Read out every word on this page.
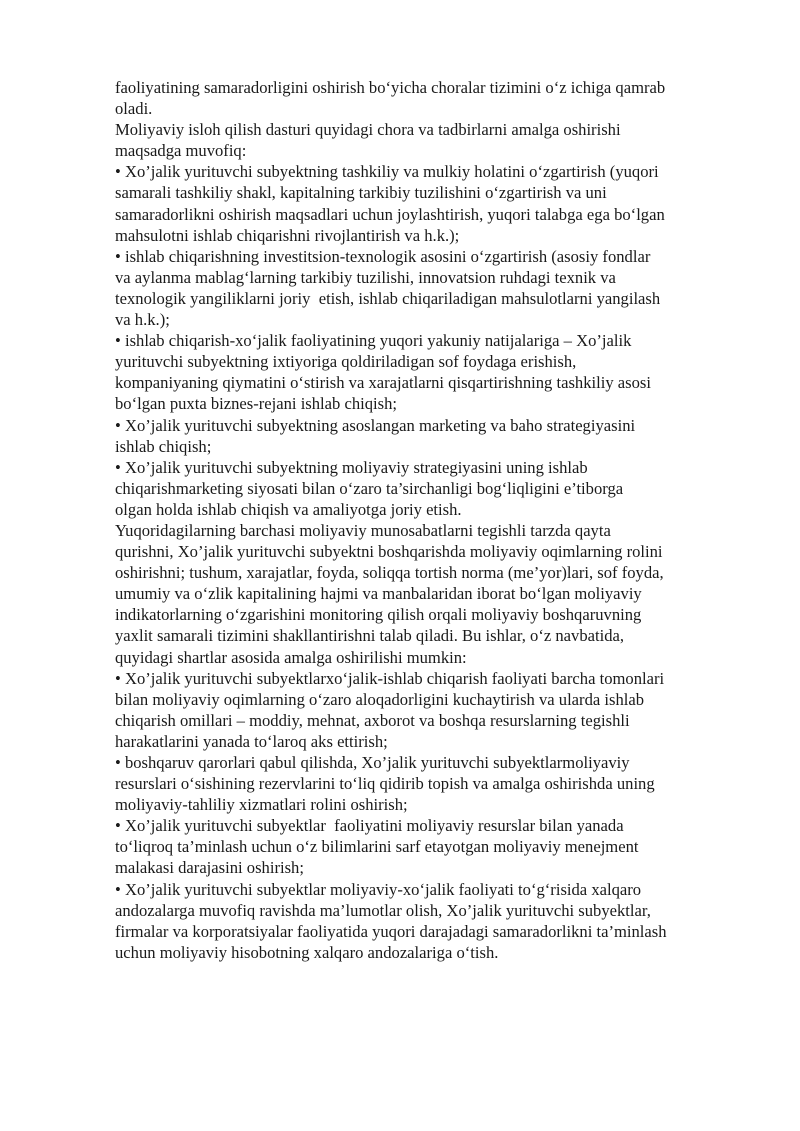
faoliyatining samaradorligini oshirish bo‘yicha choralar tizimini o‘z ichiga qamrab

oladi.

Moliyaviy isloh qilish dasturi quyidagi chora va tadbirlarni amalga oshirishi

maqsadga muvofiq:

• Xo’jalik yurituvchi subyektning tashkiliy va mulkiy holatini o‘zgartirish (yuqori

samarali tashkiliy shakl, kapitalning tarkibiy tuzilishini o‘zgartirish va uni

samaradorlikni oshirish maqsadlari uchun joylashtirish, yuqori talabga ega bo‘lgan

mahsulotni ishlab chiqarishni rivojlantirish va h.k.);

• ishlab chiqarishning investitsion-texnologik asosini o‘zgartirish (asosiy fondlar

va aylanma mablag‘larning tarkibiy tuzilishi, innovatsion ruhdagi texnik va

texnologik yangiliklarni joriy  etish, ishlab chiqariladigan mahsulotlarni yangilash

va h.k.);

• ishlab chiqarish-xo‘jalik faoliyatining yuqori yakuniy natijalariga – Xo’jalik

yurituvchi subyektning ixtiyoriga qoldiriladigan sof foydaga erishish,

kompaniyaning qiymatini o‘stirish va xarajatlarni qisqartirishning tashkiliy asosi

bo‘lgan puxta biznes-rejani ishlab chiqish;

• Xo’jalik yurituvchi subyektning asoslangan marketing va baho strategiyasini

ishlab chiqish;

• Xo’jalik yurituvchi subyektning moliyaviy strategiyasini uning ishlab

chiqarishmarketing siyosati bilan o‘zaro ta’sirchanligi bog‘liqligini e’tiborga

olgan holda ishlab chiqish va amaliyotga joriy etish.

Yuqoridagilarning barchasi moliyaviy munosabatlarni tegishli tarzda qayta

qurishni, Xo’jalik yurituvchi subyektni boshqarishda moliyaviy oqimlarning rolini

oshirishni; tushum, xarajatlar, foyda, soliqqa tortish norma (me’yor)lari, sof foyda,

umumiy va o‘zlik kapitalining hajmi va manbalaridan iborat bo‘lgan moliyaviy

indikatorlarning o‘zgarishini monitoring qilish orqali moliyaviy boshqaruvning

yaxlit samarali tizimini shakllantirishni talab qiladi. Bu ishlar, o‘z navbatida,

quyidagi shartlar asosida amalga oshirilishi mumkin:

• Xo’jalik yurituvchi subyektlarxo‘jalik-ishlab chiqarish faoliyati barcha tomonlari

bilan moliyaviy oqimlarning o‘zaro aloqadorligini kuchaytirish va ularda ishlab

chiqarish omillari – moddiy, mehnat, axborot va boshqa resurslarning tegishli

harakatlarini yanada to‘laroq aks ettirish;

• boshqaruv qarorlari qabul qilishda, Xo’jalik yurituvchi subyektlarmoliyaviy

resurslari o‘sishining rezervlarini to‘liq qidirib topish va amalga oshirishda uning

moliyaviy-tahliliy xizmatlari rolini oshirish;

• Xo’jalik yurituvchi subyektlar  faoliyatini moliyaviy resurslar bilan yanada

to‘liqroq ta’minlash uchun o‘z bilimlarini sarf etayotgan moliyaviy menejment

malakasi darajasini oshirish;

• Xo’jalik yurituvchi subyektlar moliyaviy-xo‘jalik faoliyati to‘g‘risida xalqaro

andozalarga muvofiq ravishda ma’lumotlar olish, Xo’jalik yurituvchi subyektlar,

firmalar va korporatsiyalar faoliyatida yuqori darajadagi samaradorlikni ta’minlash

uchun moliyaviy hisobotning xalqaro andozalariga o‘tish.
